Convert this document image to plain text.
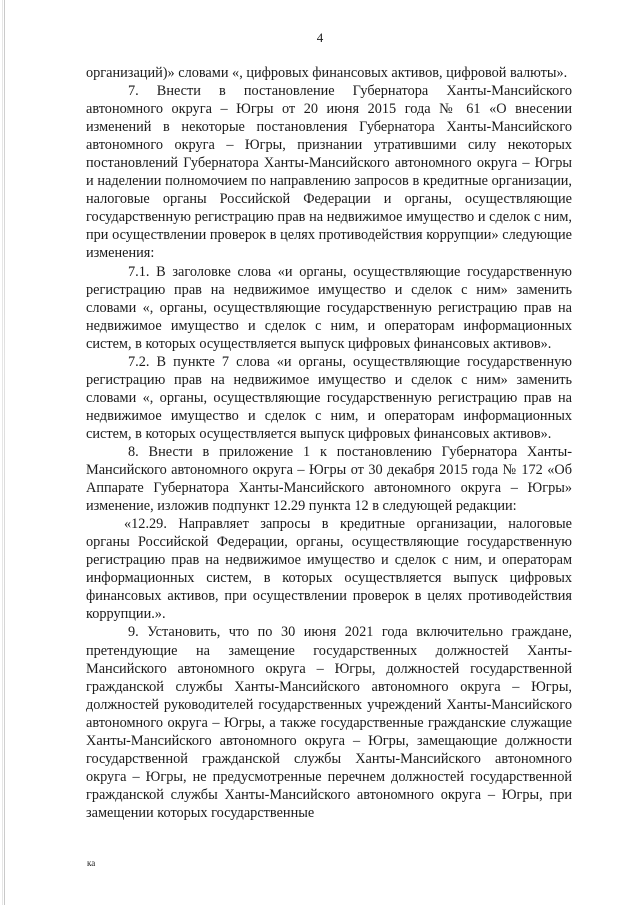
4

организаций)» словами «, цифровых финансовых активов, цифровой валюты».

7. Внести в постановление Губернатора Ханты-Мансийского автономного округа – Югры от 20 июня 2015 года № 61 «О внесении изменений в некоторые постановления Губернатора Ханты-Мансийского автономного округа – Югры, признании утратившими силу некоторых постановлений Губернатора Ханты-Мансийского автономного округа – Югры и наделении полномочием по направлению запросов в кредитные организации, налоговые органы Российской Федерации и органы, осуществляющие государственную регистрацию прав на недвижимое имущество и сделок с ним, при осуществлении проверок в целях противодействия коррупции» следующие изменения:

7.1. В заголовке слова «и органы, осуществляющие государственную регистрацию прав на недвижимое имущество и сделок с ним» заменить словами «, органы, осуществляющие государственную регистрацию прав на недвижимое имущество и сделок с ним, и операторам информационных систем, в которых осуществляется выпуск цифровых финансовых активов».

7.2. В пункте 7 слова «и органы, осуществляющие государственную регистрацию прав на недвижимое имущество и сделок с ним» заменить словами «, органы, осуществляющие государственную регистрацию прав на недвижимое имущество и сделок с ним, и операторам информационных систем, в которых осуществляется выпуск цифровых финансовых активов».

8. Внести в приложение 1 к постановлению Губернатора Ханты-Мансийского автономного округа – Югры от 30 декабря 2015 года № 172 «Об Аппарате Губернатора Ханты-Мансийского автономного округа – Югры» изменение, изложив подпункт 12.29 пункта 12 в следующей редакции:

«12.29. Направляет запросы в кредитные организации, налоговые органы Российской Федерации, органы, осуществляющие государственную регистрацию прав на недвижимое имущество и сделок с ним, и операторам информационных систем, в которых осуществляется выпуск цифровых финансовых активов, при осуществлении проверок в целях противодействия коррупции.».

9. Установить, что по 30 июня 2021 года включительно граждане, претендующие на замещение государственных должностей Ханты-Мансийского автономного округа – Югры, должностей государственной гражданской службы Ханты-Мансийского автономного округа – Югры, должностей руководителей государственных учреждений Ханты-Мансийского автономного округа – Югры, а также государственные гражданские служащие Ханты-Мансийского автономного округа – Югры, замещающие должности государственной гражданской службы Ханты-Мансийского автономного округа – Югры, не предусмотренные перечнем должностей государственной гражданской службы Ханты-Мансийского автономного округа – Югры, при замещении которых государственные

ка
